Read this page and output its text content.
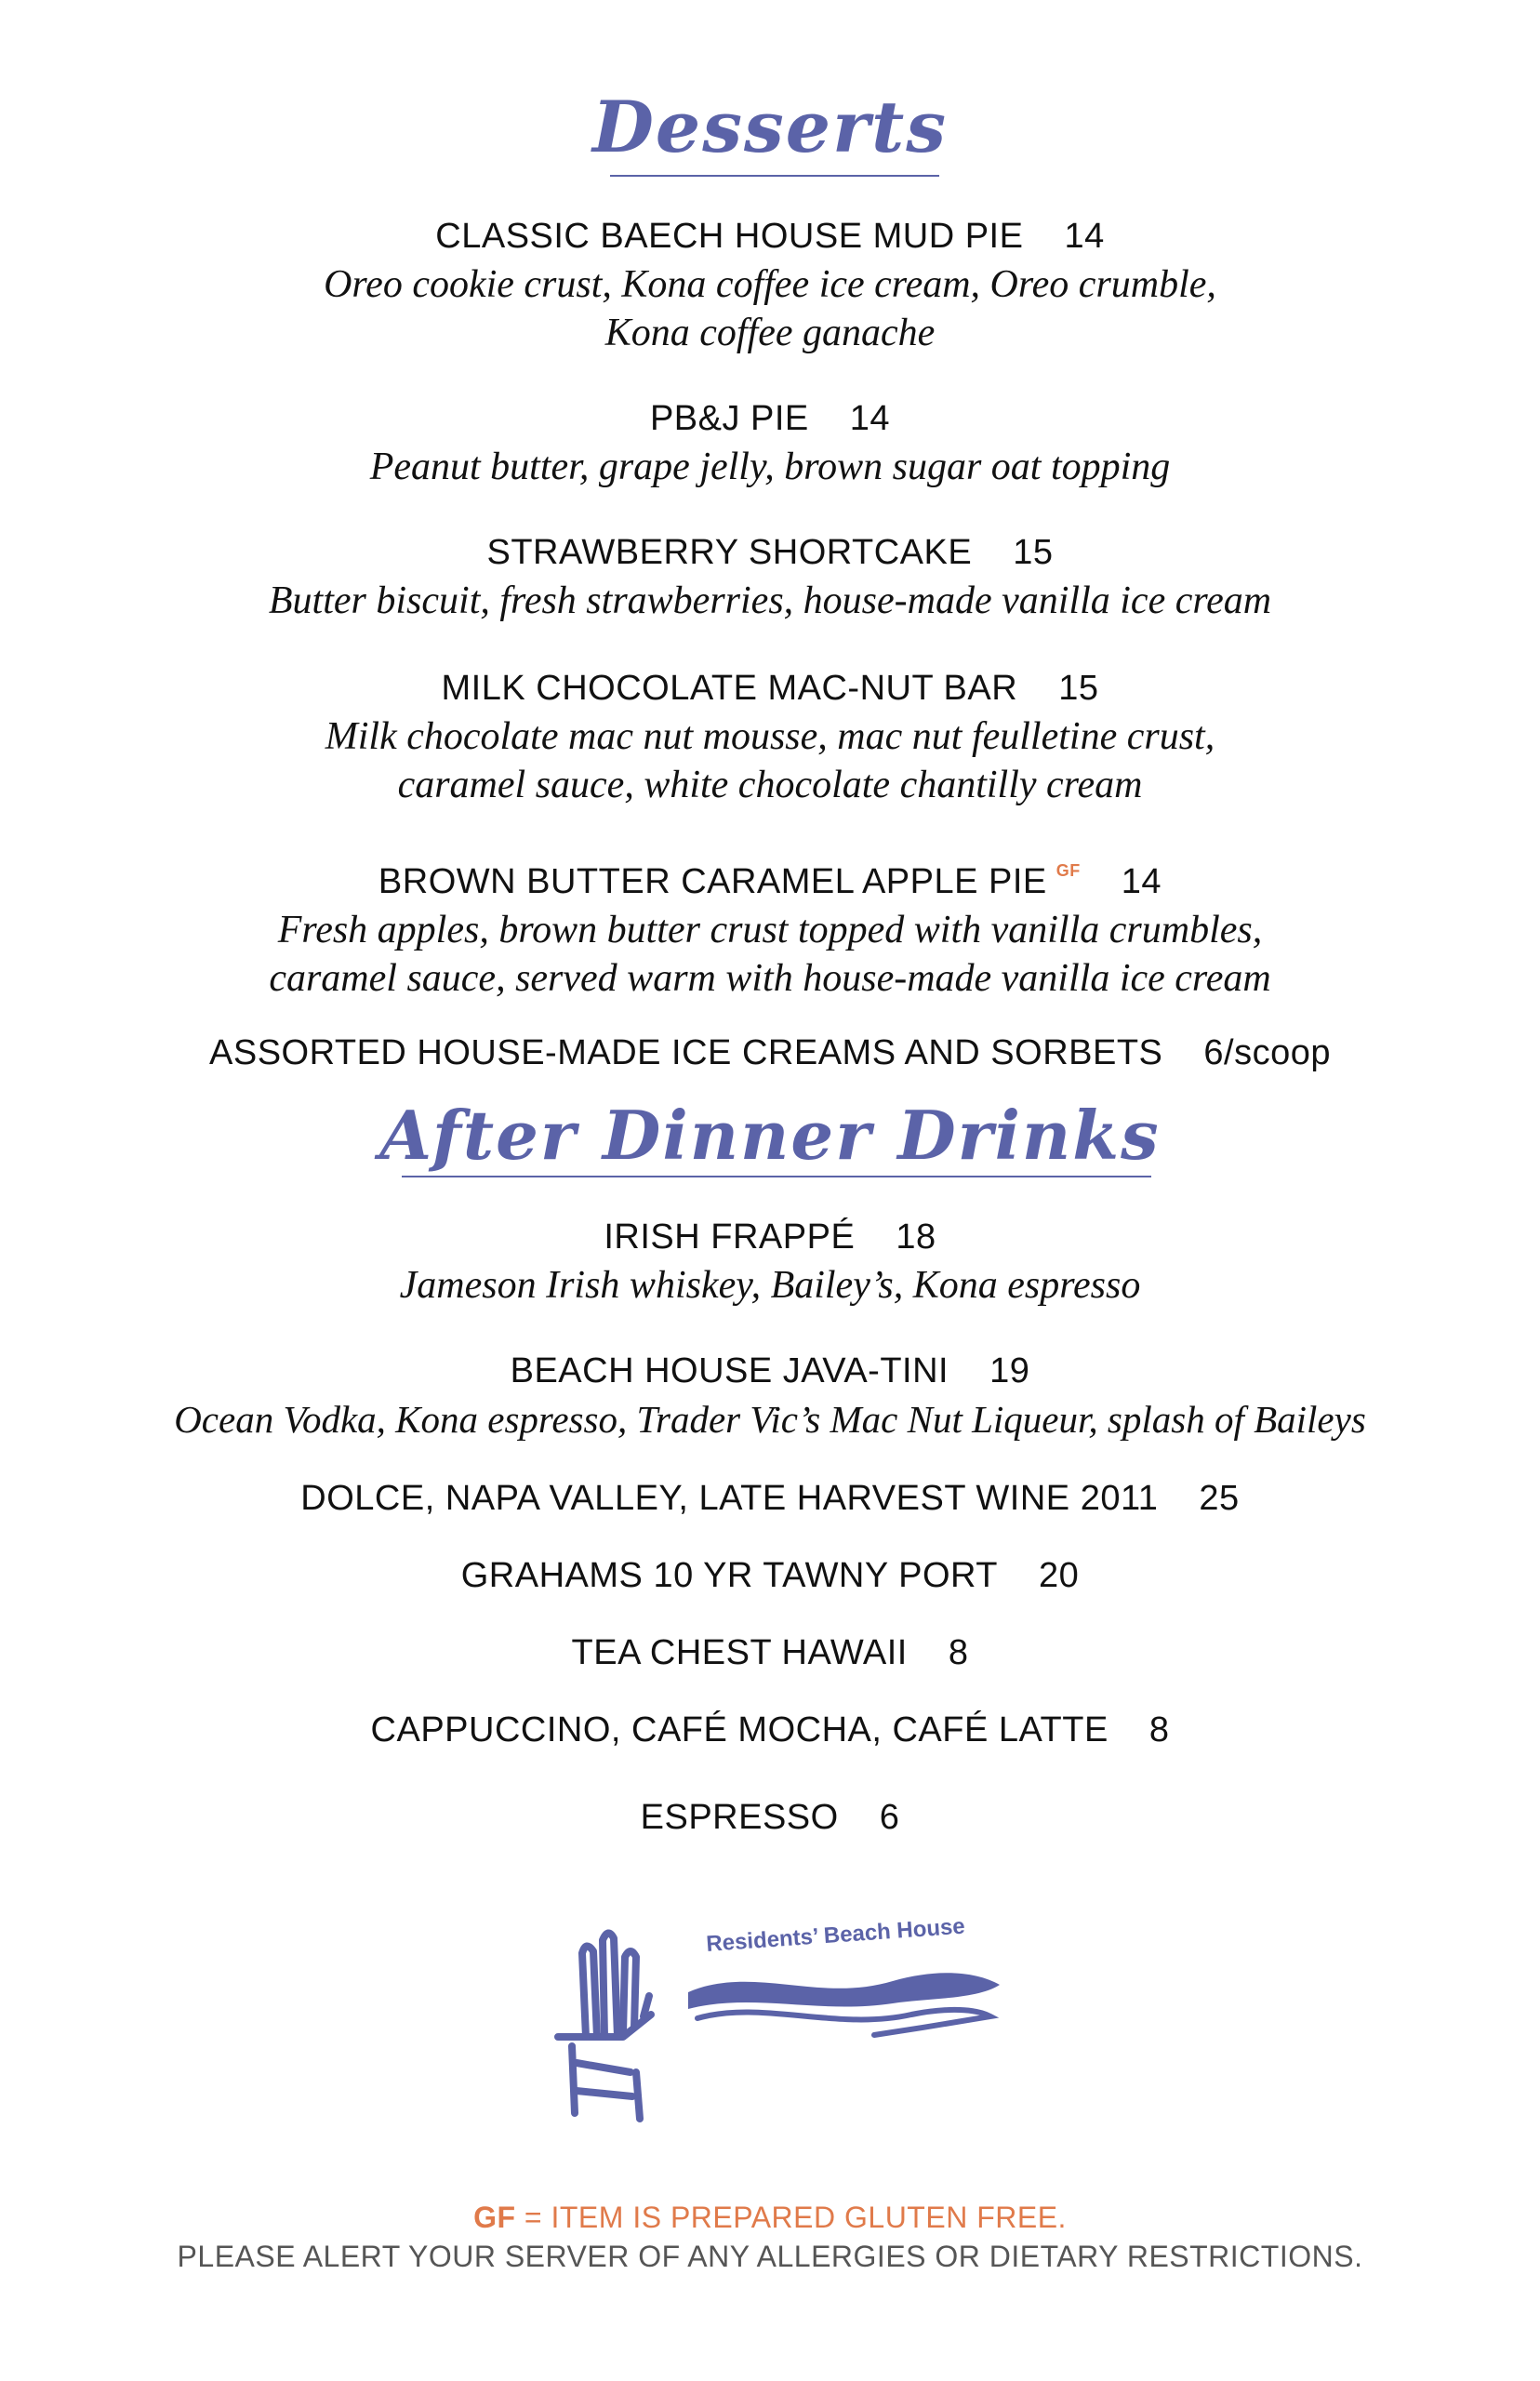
Desserts
CLASSIC BAECH HOUSE MUD PIE 14
Oreo cookie crust, Kona coffee ice cream, Oreo crumble,
Kona coffee ganache
PB&J PIE 14
Peanut butter, grape jelly, brown sugar oat topping
STRAWBERRY SHORTCAKE 15
Butter biscuit, fresh strawberries, house-made vanilla ice cream
MILK CHOCOLATE MAC-NUT BAR 15
Milk chocolate mac nut mousse, mac nut feulletine crust,
caramel sauce, white chocolate chantilly cream
BROWN BUTTER CARAMEL APPLE PIE $^{GF}$ 14
Fresh apples, brown butter crust topped with vanilla crumbles,
caramel sauce, served warm with house-made vanilla ice cream
ASSORTED HOUSE-MADE ICE CREAMS AND SORBETS 6/scoop
After Dinner Drinks
IRISH FRAPPÉ 18
Jameson Irish whiskey, Bailey’s, Kona espresso
BEACH HOUSE JAVA-TINI 19
Ocean Vodka, Kona espresso, Trader Vic’s Mac Nut Liqueur, splash of Baileys
DOLCE, NAPA VALLEY, LATE HARVEST WINE 2011 25
GRAHAMS 10 YR TAWNY PORT 20
TEA CHEST HAWAII 8
CAPPUCCINO, CAFÉ MOCHA, CAFÉ LATTE 8
ESPRESSO 6
Residents’ Beach House
GF = ITEM IS PREPARED GLUTEN FREE.
PLEASE ALERT YOUR SERVER OF ANY ALLERGIES OR DIETARY RESTRICTIONS.
